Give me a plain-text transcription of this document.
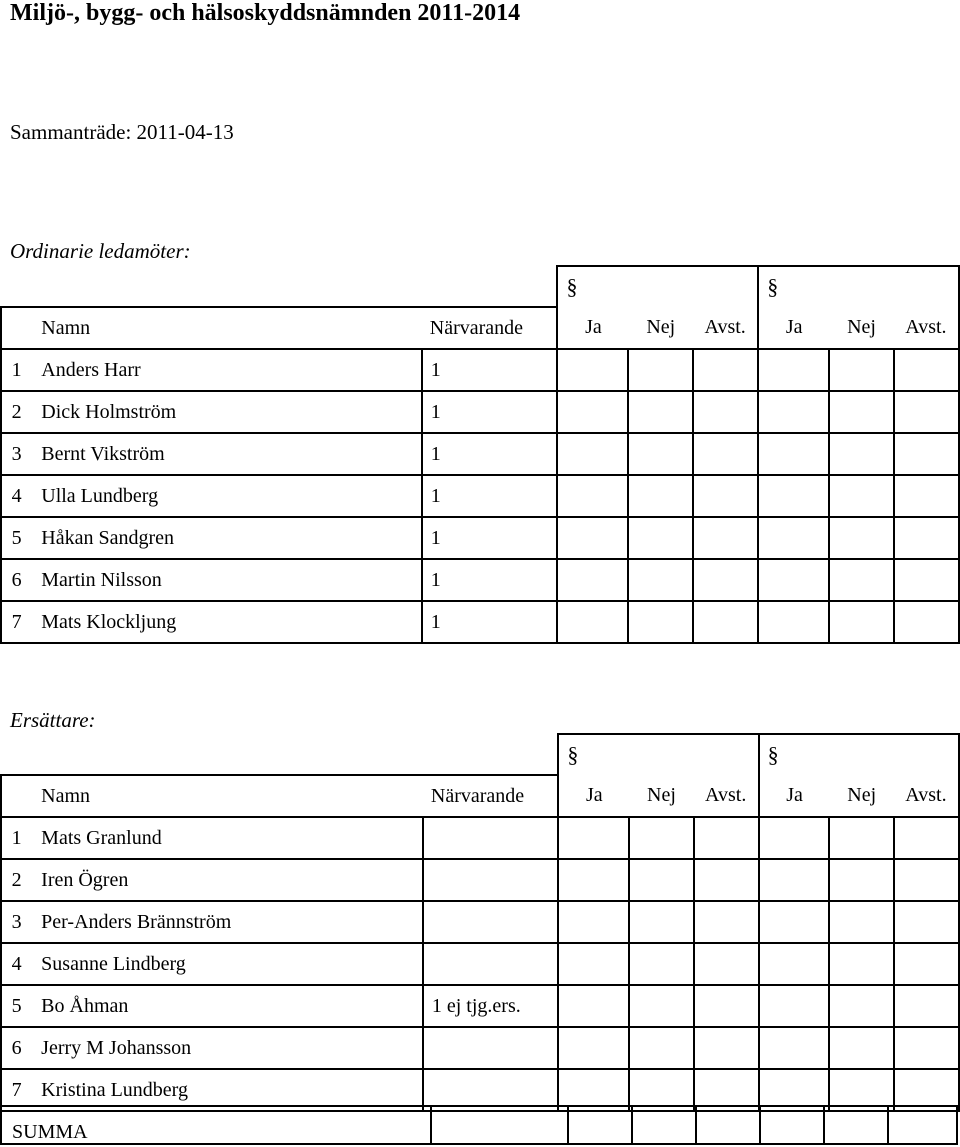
Miljö-, bygg- och hälsoskyddsnämnden 2011-2014
Sammanträde: 2011-04-13
Ordinarie ledamöter:
			§			§		
	Namn	Närvarande	Ja	Nej	Avst.	Ja	Nej	Avst.
1	Anders Harr	1						
2	Dick Holmström	1						
3	Bernt Vikström	1						
4	Ulla Lundberg	1						
5	Håkan Sandgren	1						
6	Martin Nilsson	1						
7	Mats Klockljung	1						
Ersättare:
			§			§		
	Namn	Närvarande	Ja	Nej	Avst.	Ja	Nej	Avst.
1	Mats Granlund							
2	Iren Ögren							
3	Per-Anders Brännström							
4	Susanne Lindberg							
5	Bo Åhman	1 ej tjg.ers.						
6	Jerry M Johansson							
7	Kristina Lundberg							
SUMMA
